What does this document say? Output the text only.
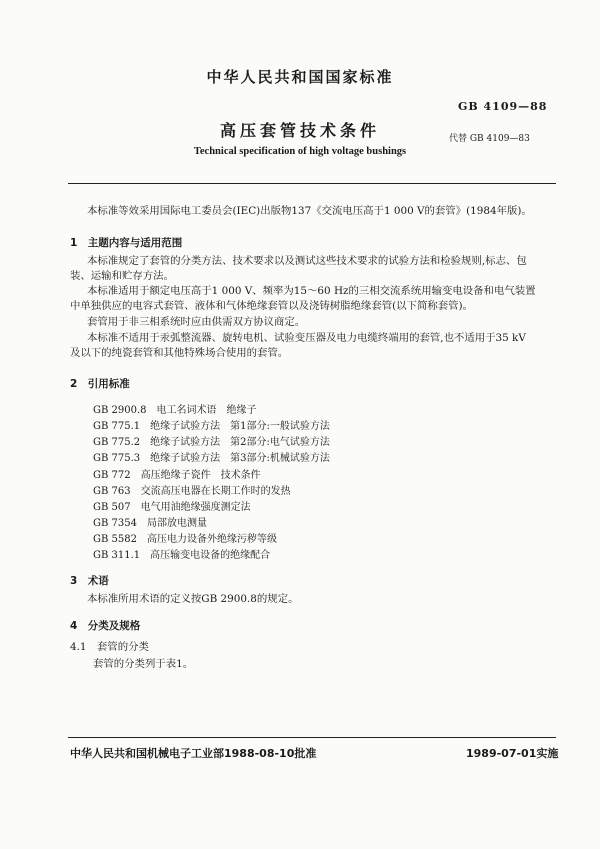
中华人民共和国国家标准
GB 4109—88
高压套管技术条件	代替 GB 4109—83
Technical specification of high voltage bushings
本标准等效采用国际电工委员会(IEC)出版物137《交流电压高于1 000 V的套管》(1984年版)。
1　主题内容与适用范围
本标准规定了套管的分类方法、技术要求以及测试这些技术要求的试验方法和检验规则,标志、包
装、运输和贮存方法。
本标准适用于额定电压高于1 000 V、频率为15～60 Hz的三相交流系统用输变电设备和电气装置
中单独供应的电容式套管、液体和气体绝缘套管以及浇铸树脂绝缘套管(以下简称套管)。
套管用于非三相系统时应由供需双方协议商定。
本标准不适用于汞弧整流器、旋转电机、试验变压器及电力电缆终端用的套管,也不适用于35 kV
及以下的纯瓷套管和其他特殊场合使用的套管。
2　引用标准
GB 2900.8　电工名词术语　绝缘子
GB 775.1　绝缘子试验方法　第1部分:一般试验方法
GB 775.2　绝缘子试验方法　第2部分:电气试验方法
GB 775.3　绝缘子试验方法　第3部分:机械试验方法
GB 772　高压绝缘子瓷件　技术条件
GB 763　交流高压电器在长期工作时的发热
GB 507　电气用油绝缘强度测定法
GB 7354　局部放电测量
GB 5582　高压电力设备外绝缘污秽等级
GB 311.1　高压输变电设备的绝缘配合
3　术语
本标准所用术语的定义按GB 2900.8的规定。
4　分类及规格
4.1　套管的分类
套管的分类列于表1。
中华人民共和国机械电子工业部1988-08-10批准	1989-07-01实施
